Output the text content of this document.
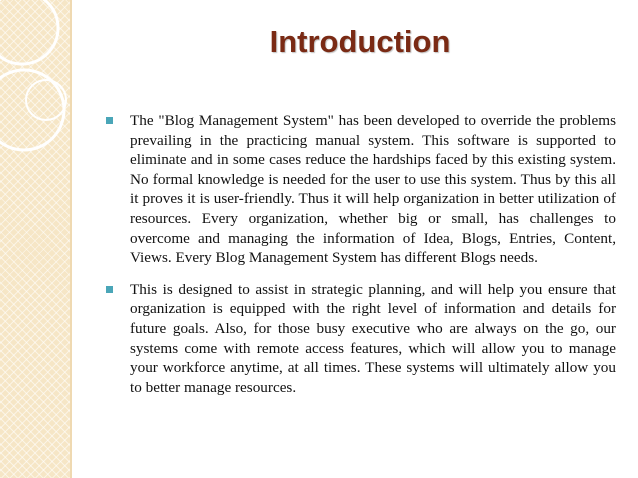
Introduction

The "Blog Management System" has been developed to override the problems prevailing in the practicing manual system. This software is supported to eliminate and in some cases reduce the hardships faced by this existing system. No formal knowledge is needed for the user to use this system. Thus by this all it proves it is user-friendly. Thus it will help organization in better utilization of resources. Every organization, whether big or small, has challenges to overcome and managing the information of Idea, Blogs, Entries, Content, Views. Every Blog Management System has different Blogs needs.

This is designed to assist in strategic planning, and will help you ensure that organization is equipped with the right level of information and details for future goals. Also, for those busy executive who are always on the go, our systems come with remote access features, which will allow you to manage your workforce anytime, at all times. These systems will ultimately allow you to better manage resources.
